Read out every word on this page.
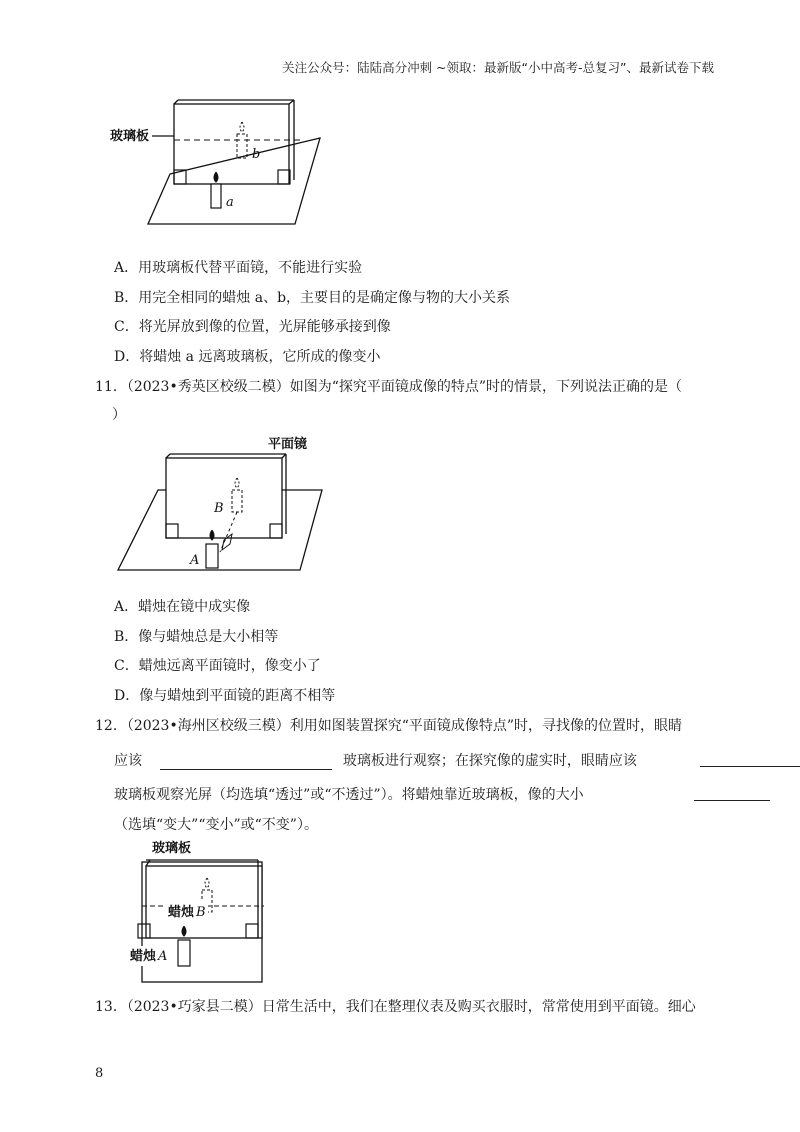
关注公众号：陆陆高分冲刺 ~领取：最新版“小中高考-总复习”、最新试卷下载
玻璃板
b
a
A．用玻璃板代替平面镜，不能进行实验
B．用完全相同的蜡烛 a、b，主要目的是确定像与物的大小关系
C．将光屏放到像的位置，光屏能够承接到像
D．将蜡烛 a 远离玻璃板，它所成的像变小
11．（2023•秀英区校级二模）如图为“探究平面镜成像的特点”时的情景，下列说法正确的是（
）
平面镜
B
A
A．蜡烛在镜中成实像
B．像与蜡烛总是大小相等
C．蜡烛远离平面镜时，像变小了
D．像与蜡烛到平面镜的距离不相等
12．（2023•海州区校级三模）利用如图装置探究“平面镜成像特点”时，寻找像的位置时，眼睛
应该	玻璃板进行观察；在探究像的虚实时，眼睛应该
玻璃板观察光屏（均选填“透过”或“不透过”）。将蜡烛靠近玻璃板，像的大小
（选填“变大”“变小”或“不变”）。
玻璃板
蜡烛 B
蜡烛 A
13．（2023•巧家县二模）日常生活中，我们在整理仪表及购买衣服时，常常使用到平面镜。细心
8
